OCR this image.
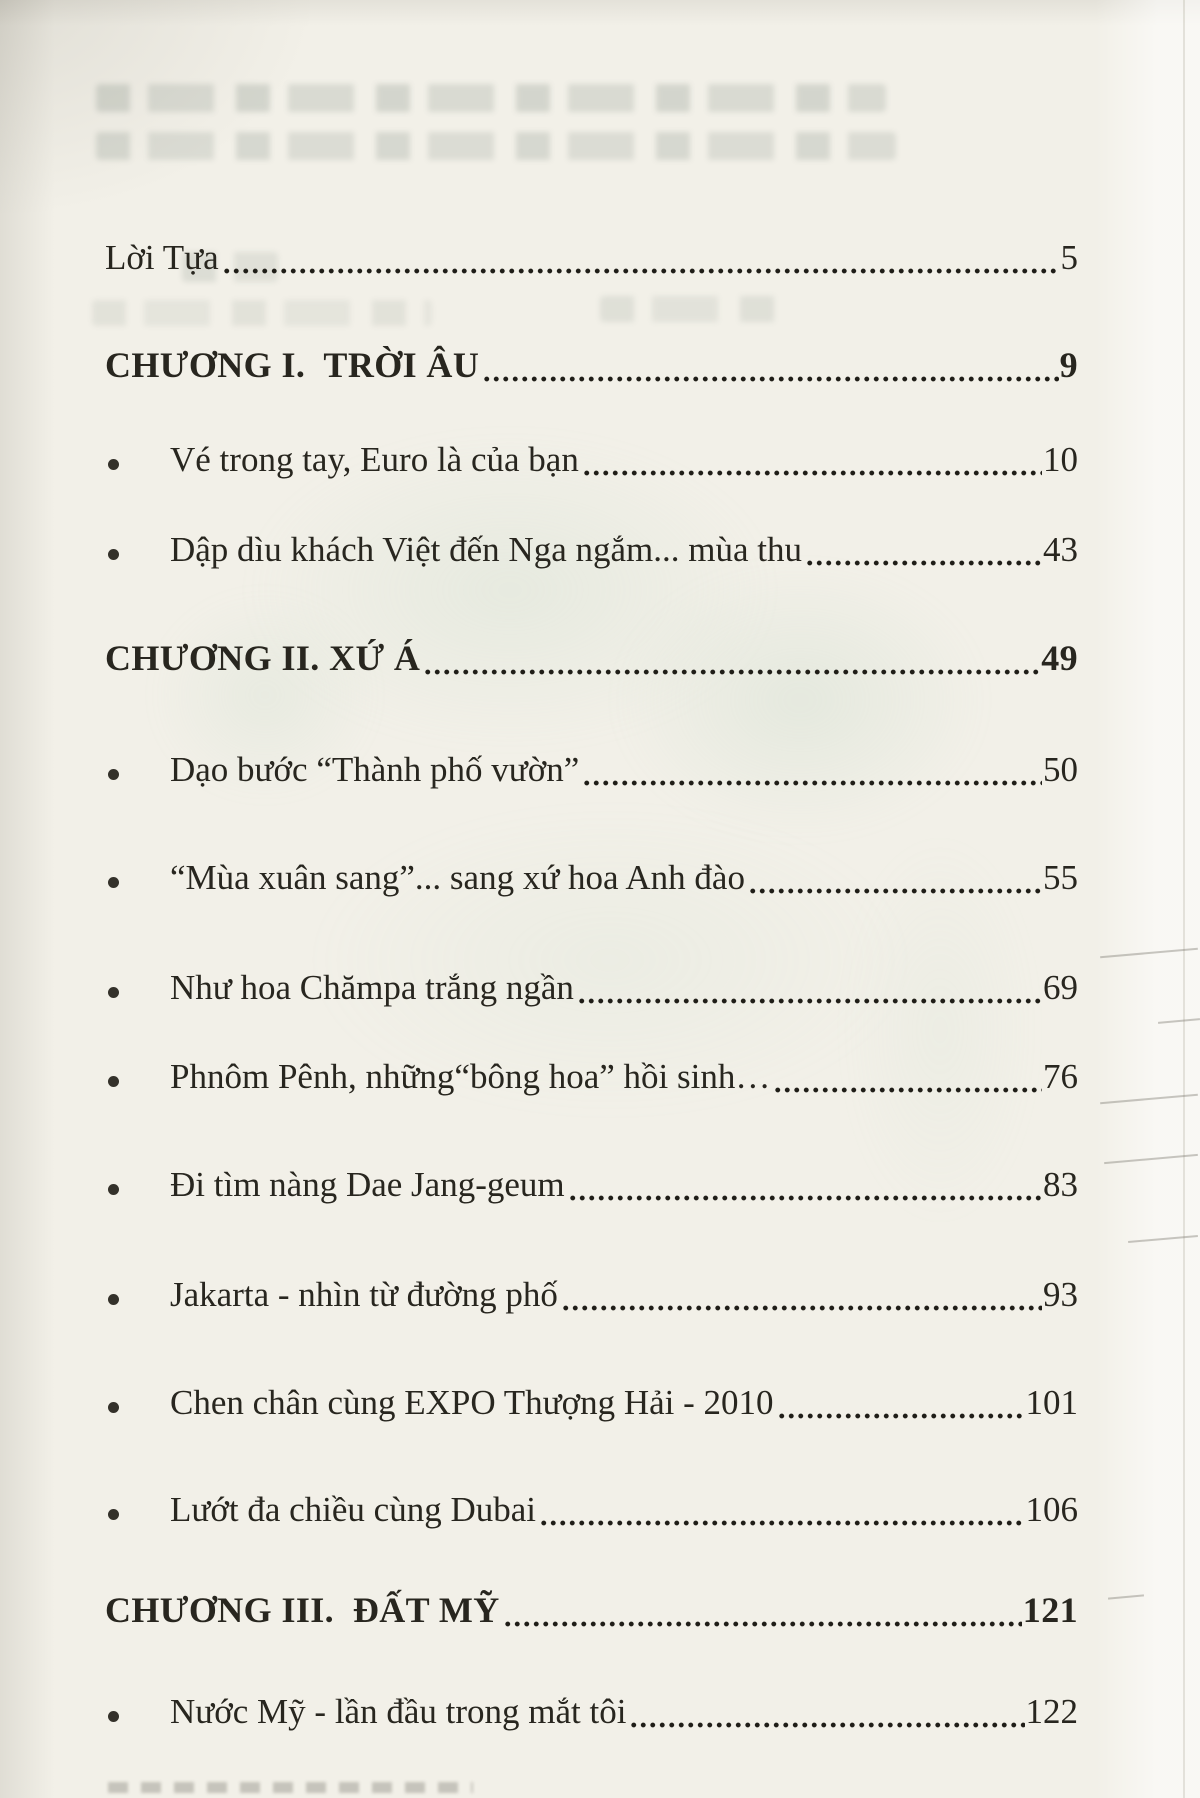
Lời Tựa	5
CHƯƠNG I.  TRỜI ÂU	9
Vé trong tay, Euro là của bạn	10
Dập dìu khách Việt đến Nga ngắm... mùa thu	43
CHƯƠNG II. XỨ Á	49
Dạo bước “Thành phố vườn”	50
“Mùa xuân sang”... sang xứ hoa Anh đào	55
Như hoa Chămpa trắng ngần	69
Phnôm Pênh, những“bông hoa” hồi sinh…	76
Đi tìm nàng Dae Jang-geum	83
Jakarta - nhìn từ đường phố	93
Chen chân cùng EXPO Thượng Hải - 2010	101
Lướt đa chiều cùng Dubai	106
CHƯƠNG III.  ĐẤT MỸ	121
Nước Mỹ - lần đầu trong mắt tôi	122
